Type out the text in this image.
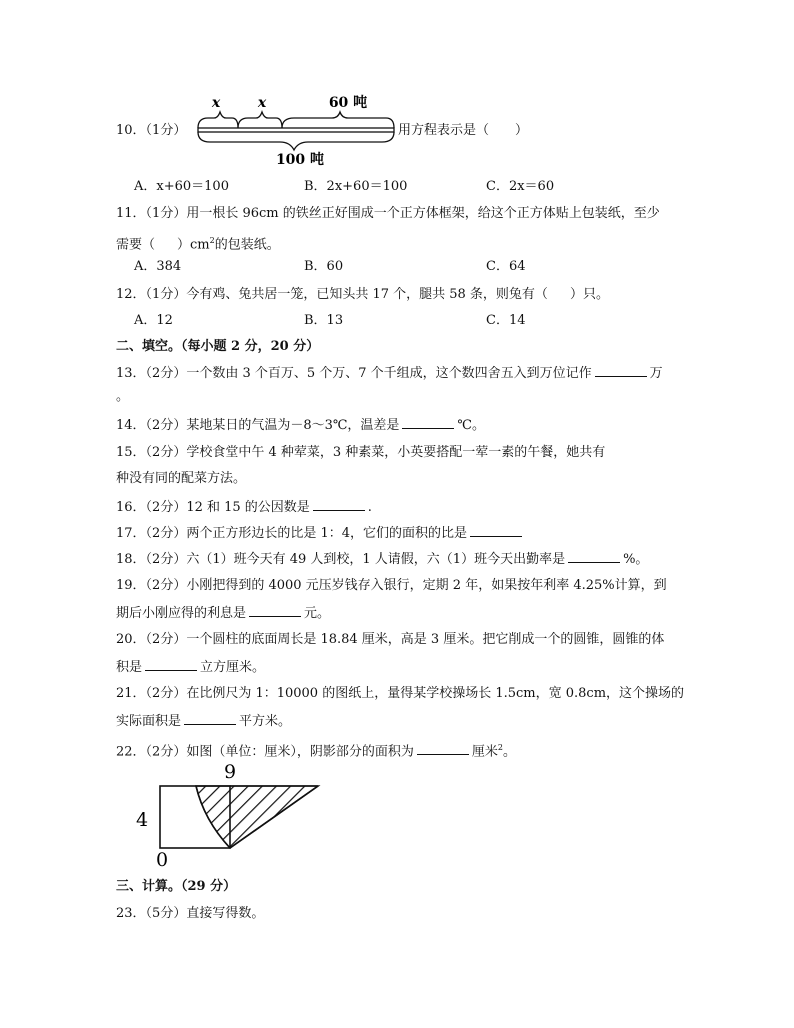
10．（1分）
x	x	60 吨
100 吨
用方程表示是（　　）
A．x+60＝100	B．2x+60＝100	C．2x＝60
11．（1分）用一根长 96cm 的铁丝正好围成一个正方体框架，给这个正方体贴上包装纸，至少
需要（ ）$cm^2$的包装纸。
A．384	B．60	C．64
12．（1分）今有鸡、兔共居一笼，已知头共 17 个，腿共 58 条，则兔有（ ）只。
A．12	B．13	C．14
二、填空。（每小题 2 分，20 分）
13．（2分）一个数由 3 个百万、5 个万、7 个千组成，这个数四舍五入到万位记作	万
。
14．（2分）某地某日的气温为－8～3℃，温差是	℃。
15．（2分）学校食堂中午 4 种荤菜，3 种素菜，小英要搭配一荤一素的午餐，她共有
种没有同的配菜方法。
16．（2分）12 和 15 的公因数是	.
17．（2分）两个正方形边长的比是 1：4，它们的面积的比是
18．（2分）六（1）班今天有 49 人到校，1 人请假，六（1）班今天出勤率是	%。
19．（2分）小刚把得到的 4000 元压岁钱存入银行，定期 2 年，如果按年利率 4.25%计算，到
期后小刚应得的利息是	元。
20．（2分）一个圆柱的底面周长是 18.84 厘米，高是 3 厘米。把它削成一个的圆锥，圆锥的体
积是	立方厘米。
21．（2分）在比例尺为 1：10000 的图纸上，量得某学校操场长 1.5cm，宽 0.8cm，这个操场的
实际面积是	平方米。
22．（2分）如图（单位：厘米），阴影部分的面积为	厘米$^2$。
9
4
0
三、计算。（29 分）
23．（5分）直接写得数。
